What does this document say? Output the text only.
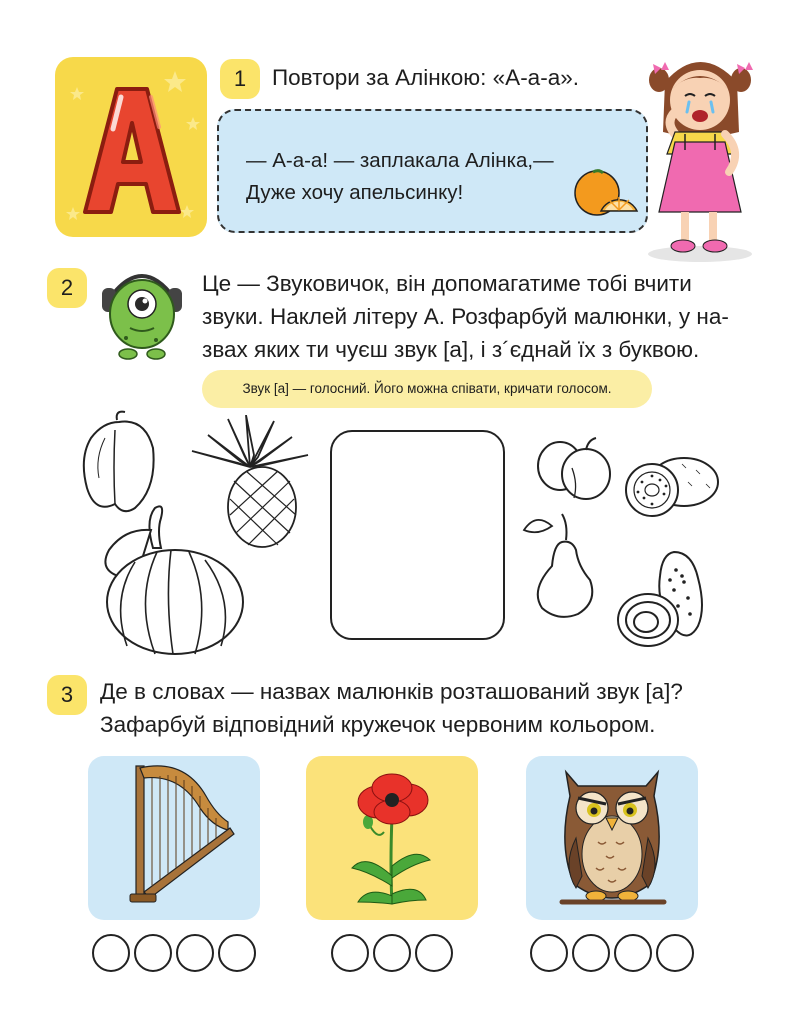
1	Повтори за Алінкою: «А-а-а».
— А-а-а! — заплакала Алінка,—
Дуже хочу апельсинку!
2	Це — Звуковичок, він допомагатиме тобі вчити
звуки. Наклей літеру А. Розфарбуй малюнки, у на-
звах яких ти чуєш звук [а], і з´єднай їх з буквою.
Звук [а] — голосний. Його можна співати, кричати голосом.
3	Де в словах — назвах малюнків розташований звук [а]?
Зафарбуй відповідний кружечок червоним кольором.
